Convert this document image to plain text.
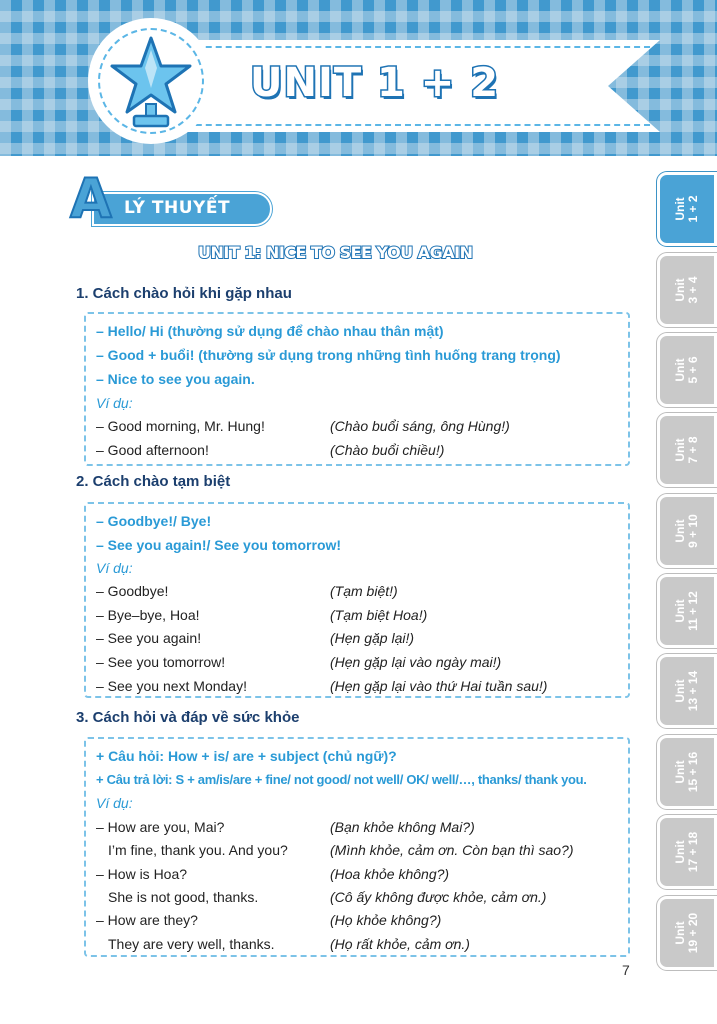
UNIT 1 + 2
Unit
1 + 2
Unit
3 + 4
Unit
5 + 6
Unit
7 + 8
Unit
9 + 10
Unit
11 + 12
Unit
13 + 14
Unit
15 + 16
Unit
17 + 18
Unit
19 + 20
A LÝ THUYẾT
UNIT 1: NICE TO SEE YOU AGAIN
1. Cách chào hỏi khi gặp nhau
– Hello/ Hi (thường sử dụng để chào nhau thân mật)
– Good + buổi! (thường sử dụng trong những tình huống trang trọng)
– Nice to see you again.
Ví dụ:
– Good morning, Mr. Hung!	(Chào buổi sáng, ông Hùng!)
– Good afternoon!	(Chào buổi chiều!)
2. Cách chào tạm biệt
– Goodbye!/ Bye!
– See you again!/ See you tomorrow!
Ví dụ:
– Goodbye!	(Tạm biệt!)
– Bye–bye, Hoa!	(Tạm biệt Hoa!)
– See you again!	(Hẹn gặp lại!)
– See you tomorrow!	(Hẹn gặp lại vào ngày mai!)
– See you next Monday!	(Hẹn gặp lại vào thứ Hai tuần sau!)
3. Cách hỏi và đáp về sức khỏe
+ Câu hỏi: How + is/ are + subject (chủ ngữ)?
+ Câu trả lời: S + am/is/are + fine/ not good/ not well/ OK/ well/…, thanks/ thank you.
Ví dụ:
– How are you, Mai?	(Bạn khỏe không Mai?)
I’m fine, thank you. And you?	(Mình khỏe, cảm ơn. Còn bạn thì sao?)
– How is Hoa?	(Hoa khỏe không?)
She is not good, thanks.	(Cô ấy không được khỏe, cảm ơn.)
– How are they?	(Họ khỏe không?)
They are very well, thanks.	(Họ rất khỏe, cảm ơn.)
7
